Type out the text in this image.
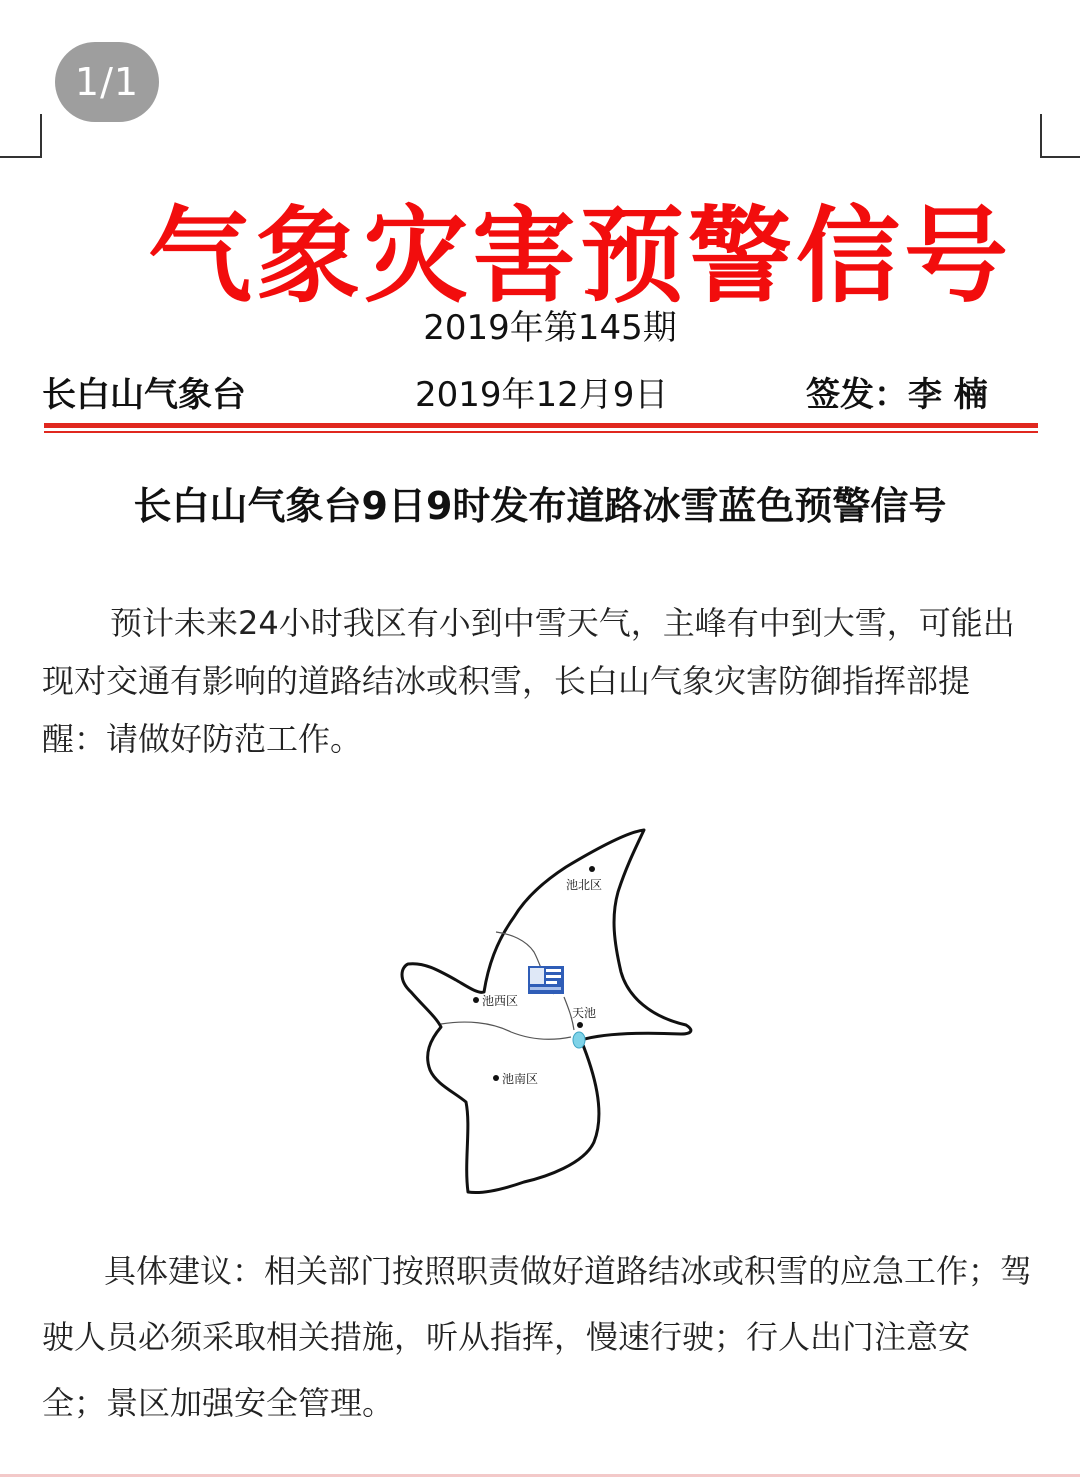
1/1
气象灾害预警信号
2019年第145期
长白山气象台	2019年12月9日	签发：李 楠
长白山气象台9日9时发布道路冰雪蓝色预警信号

预计未来24小时我区有小到中雪天气，主峰有中到大雪，可能出现对交通有影响的道路结冰或积雪，长白山气象灾害防御指挥部提醒：请做好防范工作。

池北区
池西区
天池
池南区

具体建议：相关部门按照职责做好道路结冰或积雪的应急工作；驾驶人员必须采取相关措施，听从指挥，慢速行驶；行人出门注意安全；景区加强安全管理。
